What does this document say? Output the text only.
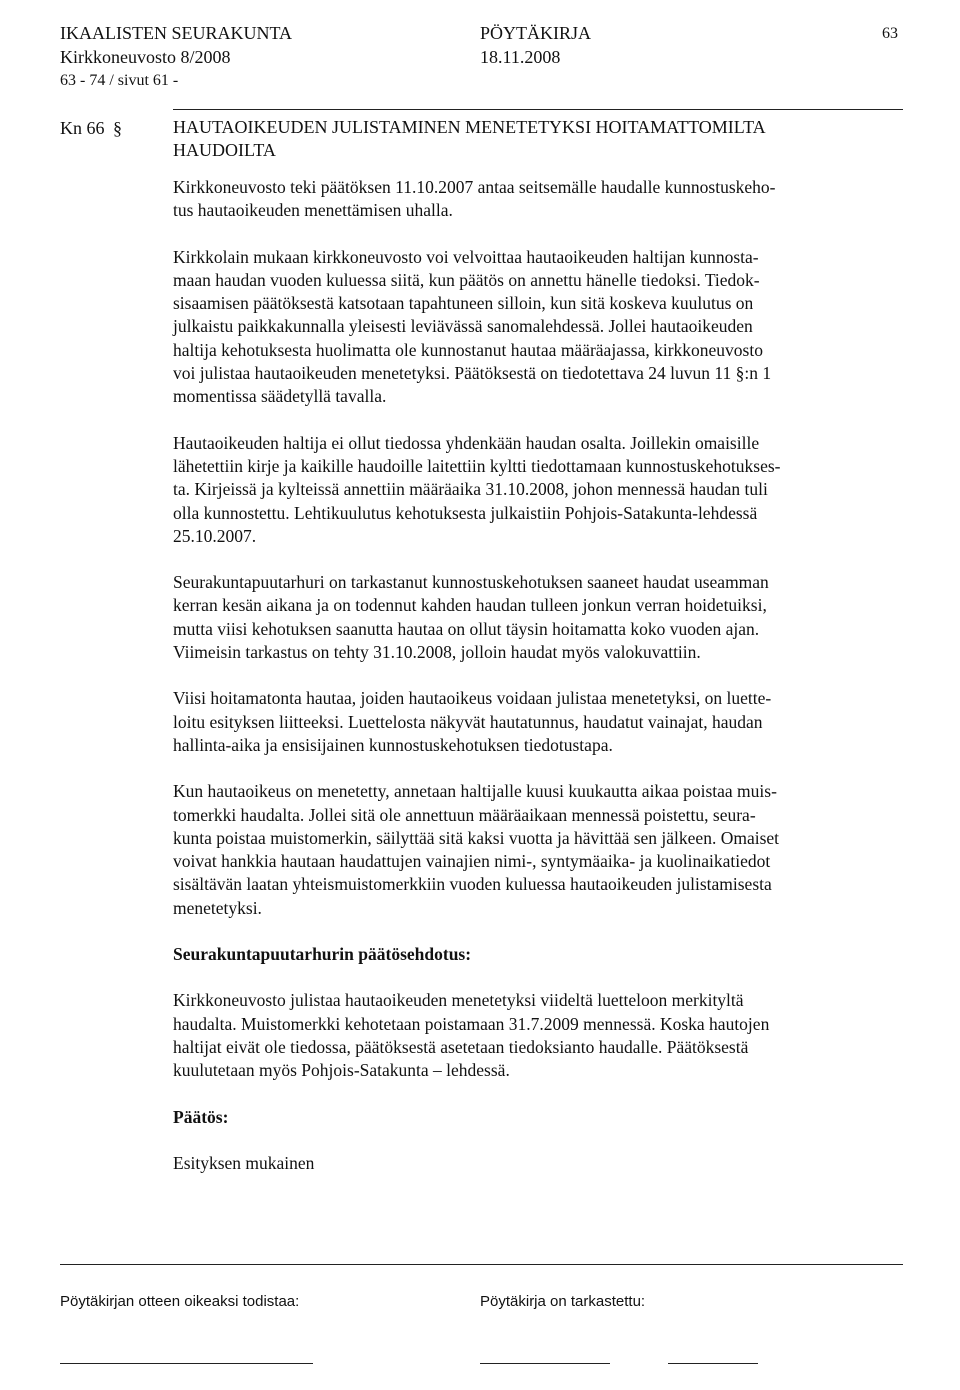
IKAALISTEN SEURAKUNTA	PÖYTÄKIRJA	63
Kirkkoneuvosto 8/2008	18.11.2008
63 - 74 / sivut 61 -
Kn 66 §	HAUTAOIKEUDEN JULISTAMINEN MENETETYKSI HOITAMATTOMILTA
HAUDOILTA

Kirkkoneuvosto teki päätöksen 11.10.2007 antaa seitsemälle haudalle kunnostuskeho-
tus hautaoikeuden menettämisen uhalla.

Kirkkolain mukaan kirkkoneuvosto voi velvoittaa hautaoikeuden haltijan kunnosta-
maan haudan vuoden kuluessa siitä, kun päätös on annettu hänelle tiedoksi. Tiedok-
sisaamisen päätöksestä katsotaan tapahtuneen silloin, kun sitä koskeva kuulutus on
julkaistu paikkakunnalla yleisesti leviävässä sanomalehdessä. Jollei hautaoikeuden
haltija kehotuksesta huolimatta ole kunnostanut hautaa määräajassa, kirkkoneuvosto
voi julistaa hautaoikeuden menetetyksi. Päätöksestä on tiedotettava 24 luvun 11 §:n 1
momentissa säädetyllä tavalla.

Hautaoikeuden haltija ei ollut tiedossa yhdenkään haudan osalta. Joillekin omaisille
lähetettiin kirje ja kaikille haudoille laitettiin kyltti tiedottamaan kunnostuskehotukses-
ta. Kirjeissä ja kylteissä annettiin määräaika 31.10.2008, johon mennessä haudan tuli
olla kunnostettu. Lehtikuulutus kehotuksesta julkaistiin Pohjois-Satakunta-lehdessä
25.10.2007.

Seurakuntapuutarhuri on tarkastanut kunnostuskehotuksen saaneet haudat useamman
kerran kesän aikana ja on todennut kahden haudan tulleen jonkun verran hoidetuiksi,
mutta viisi kehotuksen saanutta hautaa on ollut täysin hoitamatta koko vuoden ajan.
Viimeisin tarkastus on tehty 31.10.2008, jolloin haudat myös valokuvattiin.

Viisi hoitamatonta hautaa, joiden hautaoikeus voidaan julistaa menetetyksi, on luette-
loitu esityksen liitteeksi. Luettelosta näkyvät hautatunnus, haudatut vainajat, haudan
hallinta-aika ja ensisijainen kunnostuskehotuksen tiedotustapa.

Kun hautaoikeus on menetetty, annetaan haltijalle kuusi kuukautta aikaa poistaa muis-
tomerkki haudalta. Jollei sitä ole annettuun määräaikaan mennessä poistettu, seura-
kunta poistaa muistomerkin, säilyttää sitä kaksi vuotta ja hävittää sen jälkeen. Omaiset
voivat hankkia hautaan haudattujen vainajien nimi-, syntymäaika- ja kuolinaikatiedot
sisältävän laatan yhteismuistomerkkiin vuoden kuluessa hautaoikeuden julistamisesta
menetetyksi.

Seurakuntapuutarhurin päätösehdotus:

Kirkkoneuvosto julistaa hautaoikeuden menetetyksi viideltä luetteloon merkityltä
haudalta. Muistomerkki kehotetaan poistamaan 31.7.2009 mennessä. Koska hautojen
haltijat eivät ole tiedossa, päätöksestä asetetaan tiedoksianto haudalle. Päätöksestä
kuulutetaan myös Pohjois-Satakunta – lehdessä.

Päätös:

Esityksen mukainen

Pöytäkirjan otteen oikeaksi todistaa:	Pöytäkirja on tarkastettu:
